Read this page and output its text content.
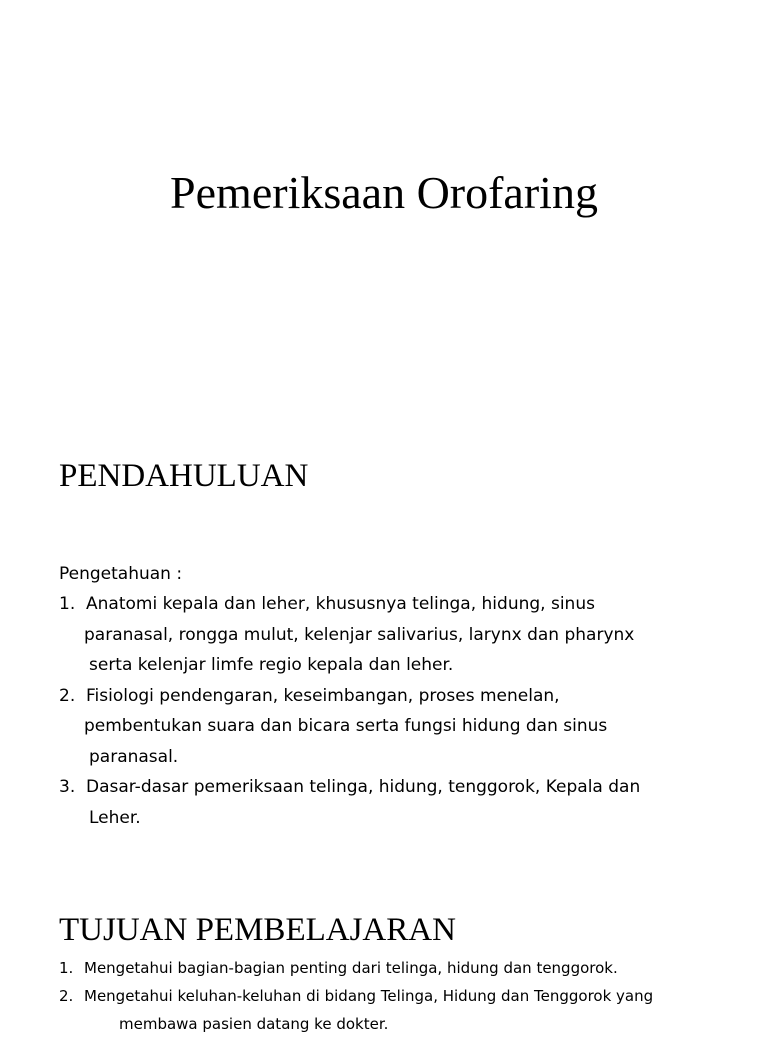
Pemeriksaan Orofaring
PENDAHULUAN
Pengetahuan :
1. Anatomi kepala dan leher, khususnya telinga, hidung, sinus
paranasal, rongga mulut, kelenjar salivarius, larynx dan pharynx
serta kelenjar limfe regio kepala dan leher.
2. Fisiologi pendengaran, keseimbangan, proses menelan,
pembentukan suara dan bicara serta fungsi hidung dan sinus
paranasal.
3. Dasar-dasar pemeriksaan telinga, hidung, tenggorok, Kepala dan
Leher.
TUJUAN PEMBELAJARAN
1. Mengetahui bagian-bagian penting dari telinga, hidung dan tenggorok.
2. Mengetahui keluhan-keluhan di bidang Telinga, Hidung dan Tenggorok yang
membawa pasien datang ke dokter.
